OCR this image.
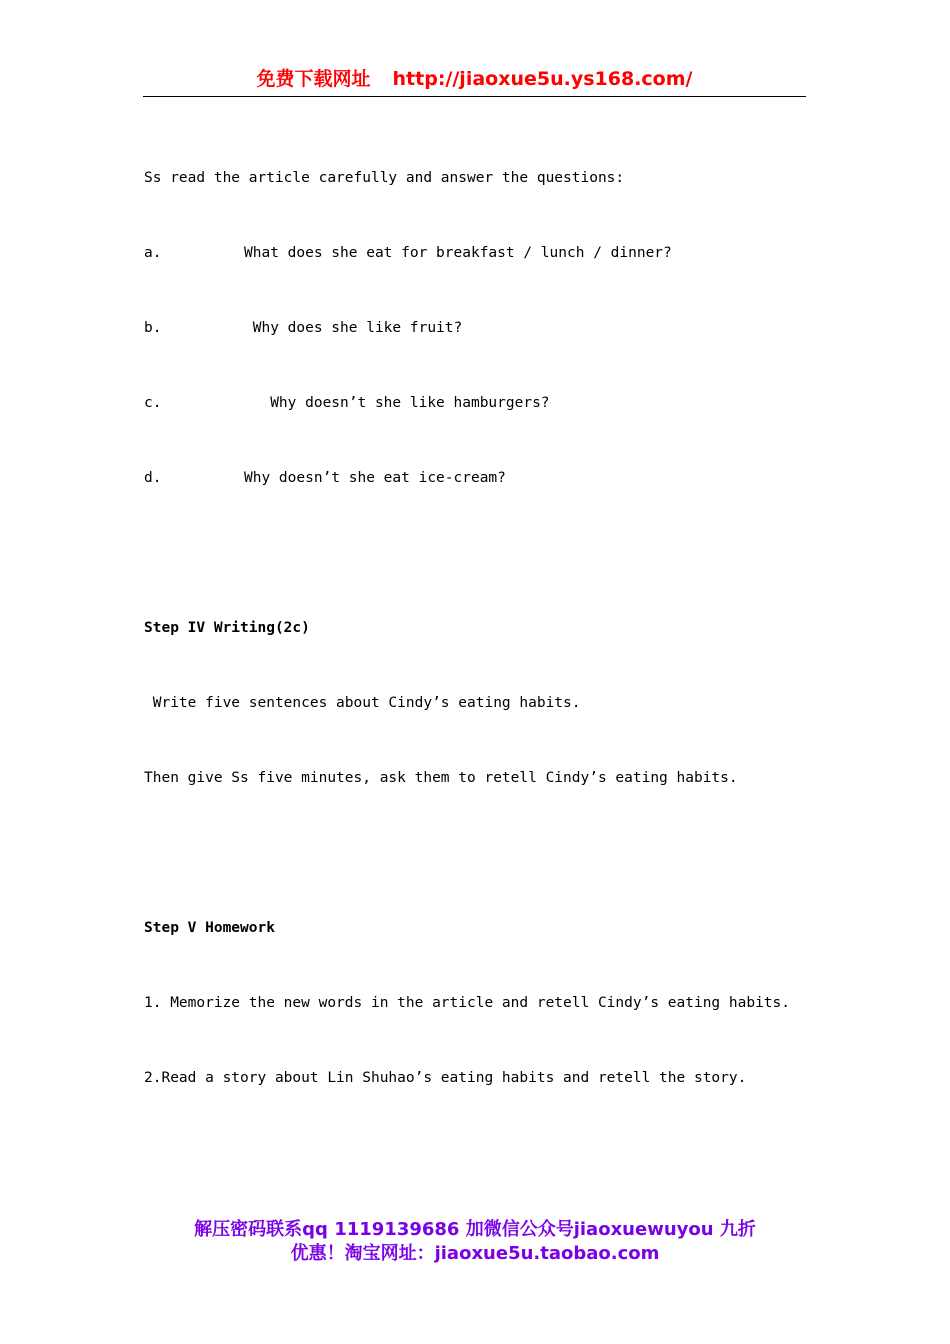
免费下载网址 http://jiaoxue5u.ys168.com/

Ss read the article carefully and answer the questions:

a.	What does she eat for breakfast / lunch / dinner?

b.	Why does she like fruit?

c.	Why doesn’t she like hamburgers?

d.	Why doesn’t she eat ice-cream?

Step IV Writing(2c)

Write five sentences about Cindy’s eating habits.

Then give Ss five minutes, ask them to retell Cindy’s eating habits.

Step V Homework

1. Memorize the new words in the article and retell Cindy’s eating habits.

2.Read a story about Lin Shuhao’s eating habits and retell the story.

解压密码联系qq 1119139686 加微信公众号jiaoxuewuyou 九折
优惠！淘宝网址：jiaoxue5u.taobao.com
